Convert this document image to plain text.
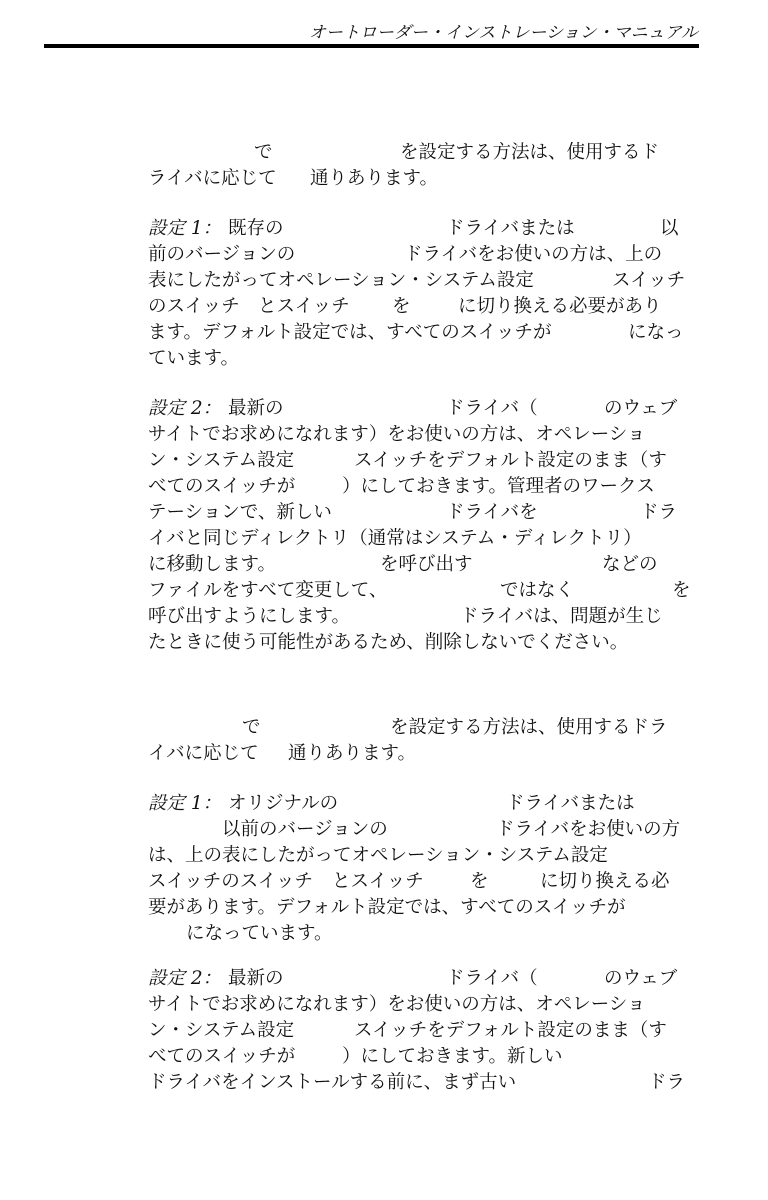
オートローダー・インストレーション・マニュアル
で	を設定する方法は、使用するド
ライバに応じて 通りあります。
設定 1： 既存の	ドライバまたは	以
前のバージョンの	ドライバをお使いの方は、上の
表にしたがってオペレーション・システム設定	スイッチ
のスイッチ とスイッチ を	に切り換える必要があり
ます。デフォルト設定では、すべてのスイッチが	になっ
ています。
設定 2： 最新の	ドライバ（	のウェブ
サイトでお求めになれます）をお使いの方は、オペレーショ
ン・システム設定	スイッチをデフォルト設定のまま（す
べてのスイッチが	）にしておきます。管理者のワークス
テーションで、新しい	ドライバを	ドラ
イバと同じディレクトリ（通常はシステム・ディレクトリ）
に移動します。	を呼び出す	などの
ファイルをすべて変更して、	ではなく	を
呼び出すようにします。	ドライバは、問題が生じ
たときに使う可能性があるため、削除しないでください。
で	を設定する方法は、使用するドラ
イバに応じて 通りあります。
設定 1： オリジナルの	ドライバまたは
以前のバージョンの	ドライバをお使いの方
は、上の表にしたがってオペレーション・システム設定
スイッチのスイッチ とスイッチ を	に切り換える必
要があります。デフォルト設定では、すべてのスイッチが
になっています。
設定 2： 最新の	ドライバ（	のウェブ
サイトでお求めになれます）をお使いの方は、オペレーショ
ン・システム設定	スイッチをデフォルト設定のまま（す
べてのスイッチが	）にしておきます。新しい
ドライバをインストールする前に、まず古い	ドラ
